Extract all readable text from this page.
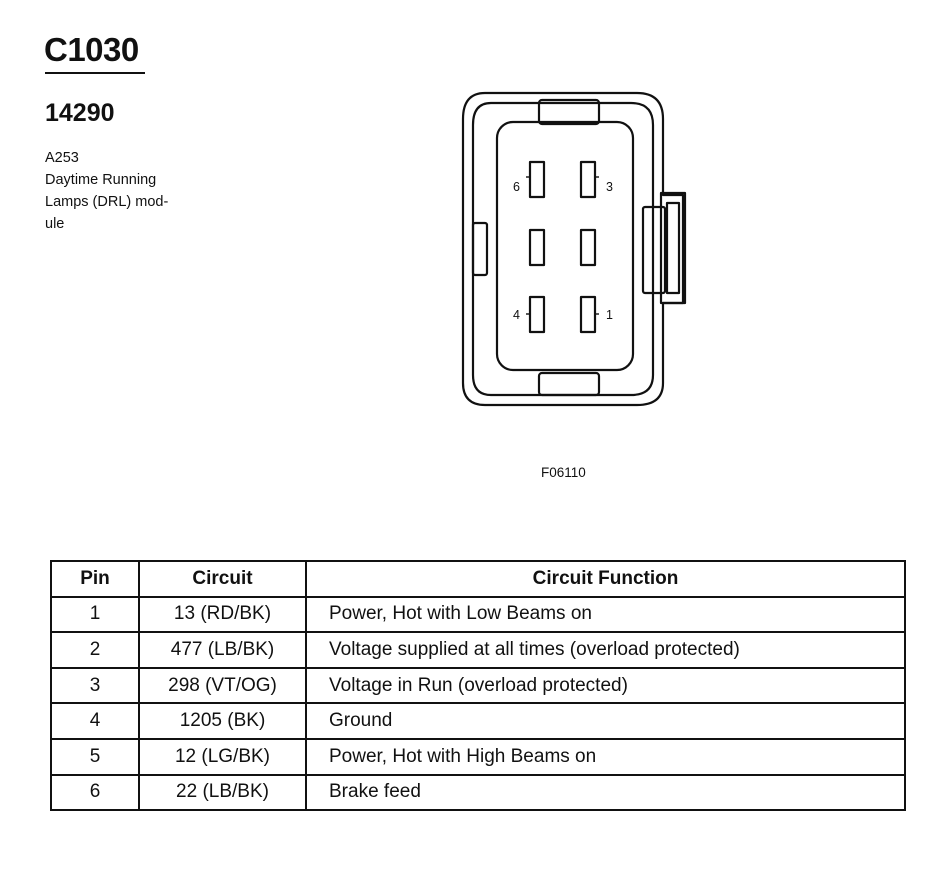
C1030
14290
A253
Daytime Running
Lamps (DRL) mod-
ule
6	3
4	1
F06110
Pin	Circuit	Circuit Function
1	13 (RD/BK)	Power, Hot with Low Beams on
2	477 (LB/BK)	Voltage supplied at all times (overload protected)
3	298 (VT/OG)	Voltage in Run (overload protected)
4	1205 (BK)	Ground
5	12 (LG/BK)	Power, Hot with High Beams on
6	22 (LB/BK)	Brake feed
